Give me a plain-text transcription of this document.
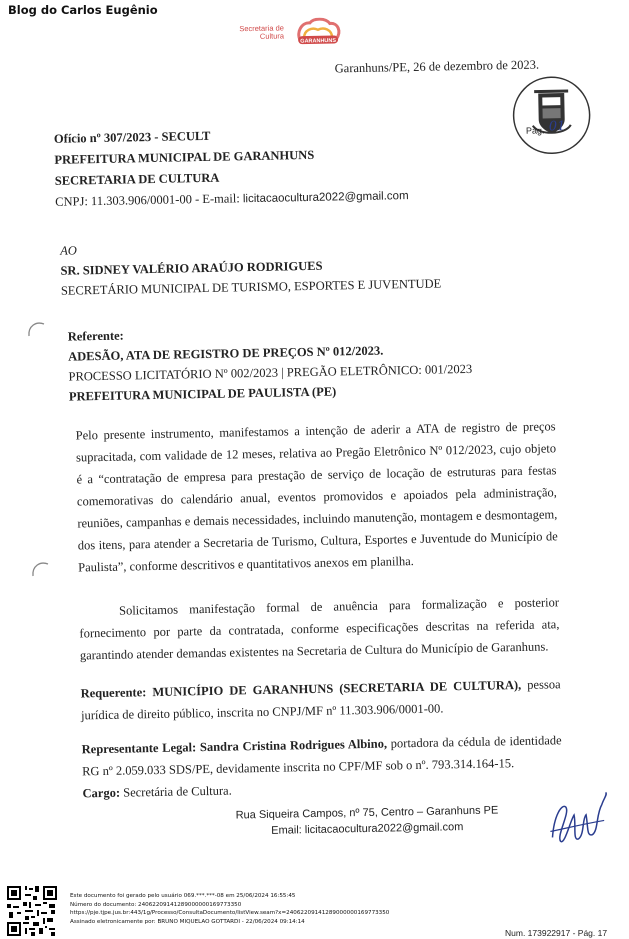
Blog do Carlos Eugênio
Secretaria de
Cultura
GARANHUNS
Garanhuns/PE, 26 de dezembro de 2023.
Pág. 01
Ofício nº 307/2023 - SECULT
PREFEITURA MUNICIPAL DE GARANHUNS
SECRETARIA DE CULTURA
CNPJ: 11.303.906/0001-00 - E-mail: licitacaocultura2022@gmail.com
AO
SR. SIDNEY VALÉRIO ARAÚJO RODRIGUES
SECRETÁRIO MUNICIPAL DE TURISMO, ESPORTES E JUVENTUDE
Referente:
ADESÃO, ATA DE REGISTRO DE PREÇOS Nº 012/2023.
PROCESSO LICITATÓRIO Nº 002/2023 | PREGÃO ELETRÔNICO: 001/2023
PREFEITURA MUNICIPAL DE PAULISTA (PE)
Pelo presente instrumento, manifestamos a intenção de aderir a ATA de registro de preços supracitada, com validade de 12 meses, relativa ao Pregão Eletrônico Nº 012/2023, cujo objeto é a “contratação de empresa para prestação de serviço de locação de estruturas para festas comemorativas do calendário anual, eventos promovidos e apoiados pela administração, reuniões, campanhas e demais necessidades, incluindo manutenção, montagem e desmontagem, dos itens, para atender a Secretaria de Turismo, Cultura, Esportes e Juventude do Município de Paulista”, conforme descritivos e quantitativos anexos em planilha.
Solicitamos manifestação formal de anuência para formalização e posterior fornecimento por parte da contratada, conforme especificações descritas na referida ata, garantindo atender demandas existentes na Secretaria de Cultura do Município de Garanhuns.
Requerente: MUNICÍPIO DE GARANHUNS (SECRETARIA DE CULTURA), pessoa jurídica de direito público, inscrita no CNPJ/MF nº 11.303.906/0001-00.
Representante Legal: Sandra Cristina Rodrigues Albino, portadora da cédula de identidade RG nº 2.059.033 SDS/PE, devidamente inscrita no CPF/MF sob o nº. 793.314.164-15.
Cargo: Secretária de Cultura.
Rua Siqueira Campos, nº 75, Centro – Garanhuns PE
Email: licitacaocultura2022@gmail.com
Este documento foi gerado pelo usuário 069.***.***-08 em 25/06/2024 16:55:45
Número do documento: 24062209141289000000169773350
https://pje.tjpe.jus.br:443/1g/Processo/ConsultaDocumento/listView.seam?x=24062209141289000000169773350
Assinado eletronicamente por: BRUNO MIQUELAO GOTTARDI - 22/06/2024 09:14:14
Num. 173922917 - Pág. 17
